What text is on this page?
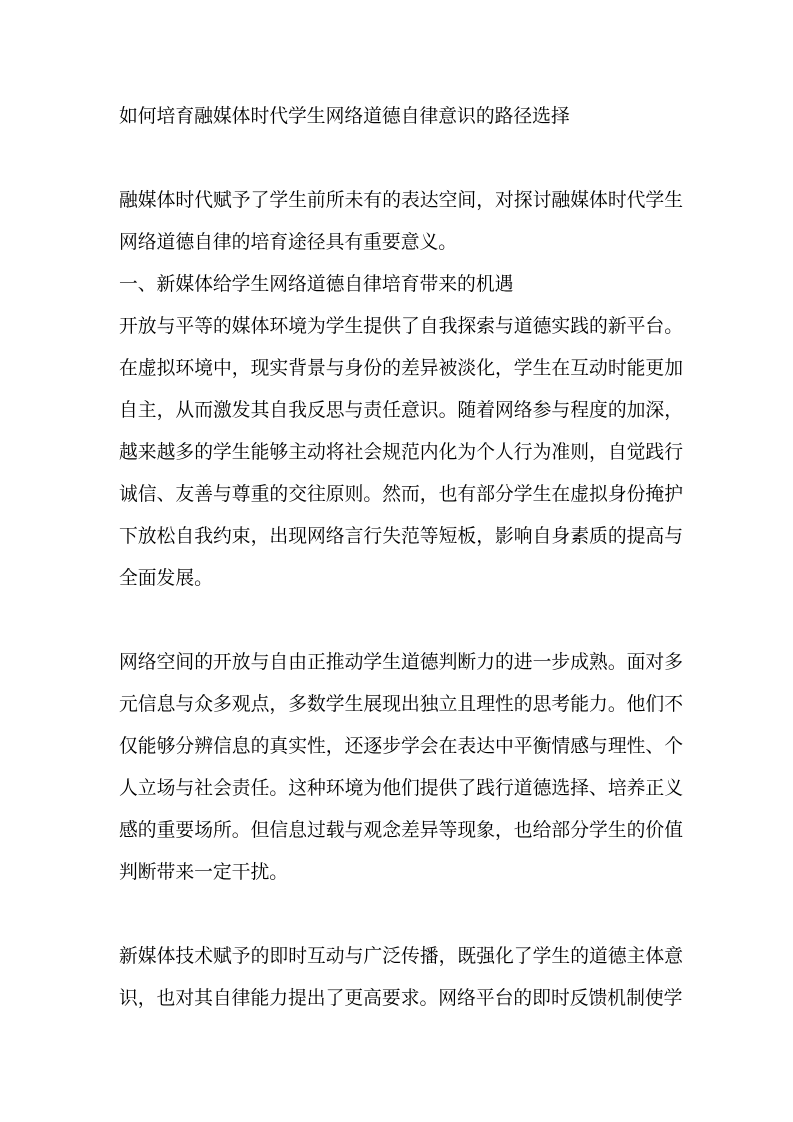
如何培育融媒体时代学生网络道德自律意识的路径选择

融媒体时代赋予了学生前所未有的表达空间，对探讨融媒体时代学生网络道德自律的培育途径具有重要意义。

一、新媒体给学生网络道德自律培育带来的机遇

开放与平等的媒体环境为学生提供了自我探索与道德实践的新平台。在虚拟环境中，现实背景与身份的差异被淡化，学生在互动时能更加自主，从而激发其自我反思与责任意识。随着网络参与程度的加深，越来越多的学生能够主动将社会规范内化为个人行为准则，自觉践行诚信、友善与尊重的交往原则。然而，也有部分学生在虚拟身份掩护下放松自我约束，出现网络言行失范等短板，影响自身素质的提高与全面发展。

网络空间的开放与自由正推动学生道德判断力的进一步成熟。面对多元信息与众多观点，多数学生展现出独立且理性的思考能力。他们不仅能够分辨信息的真实性，还逐步学会在表达中平衡情感与理性、个人立场与社会责任。这种环境为他们提供了践行道德选择、培养正义感的重要场所。但信息过载与观念差异等现象，也给部分学生的价值判断带来一定干扰。

新媒体技术赋予的即时互动与广泛传播，既强化了学生的道德主体意识，也对其自律能力提出了更高要求。网络平台的即时反馈机制使学
